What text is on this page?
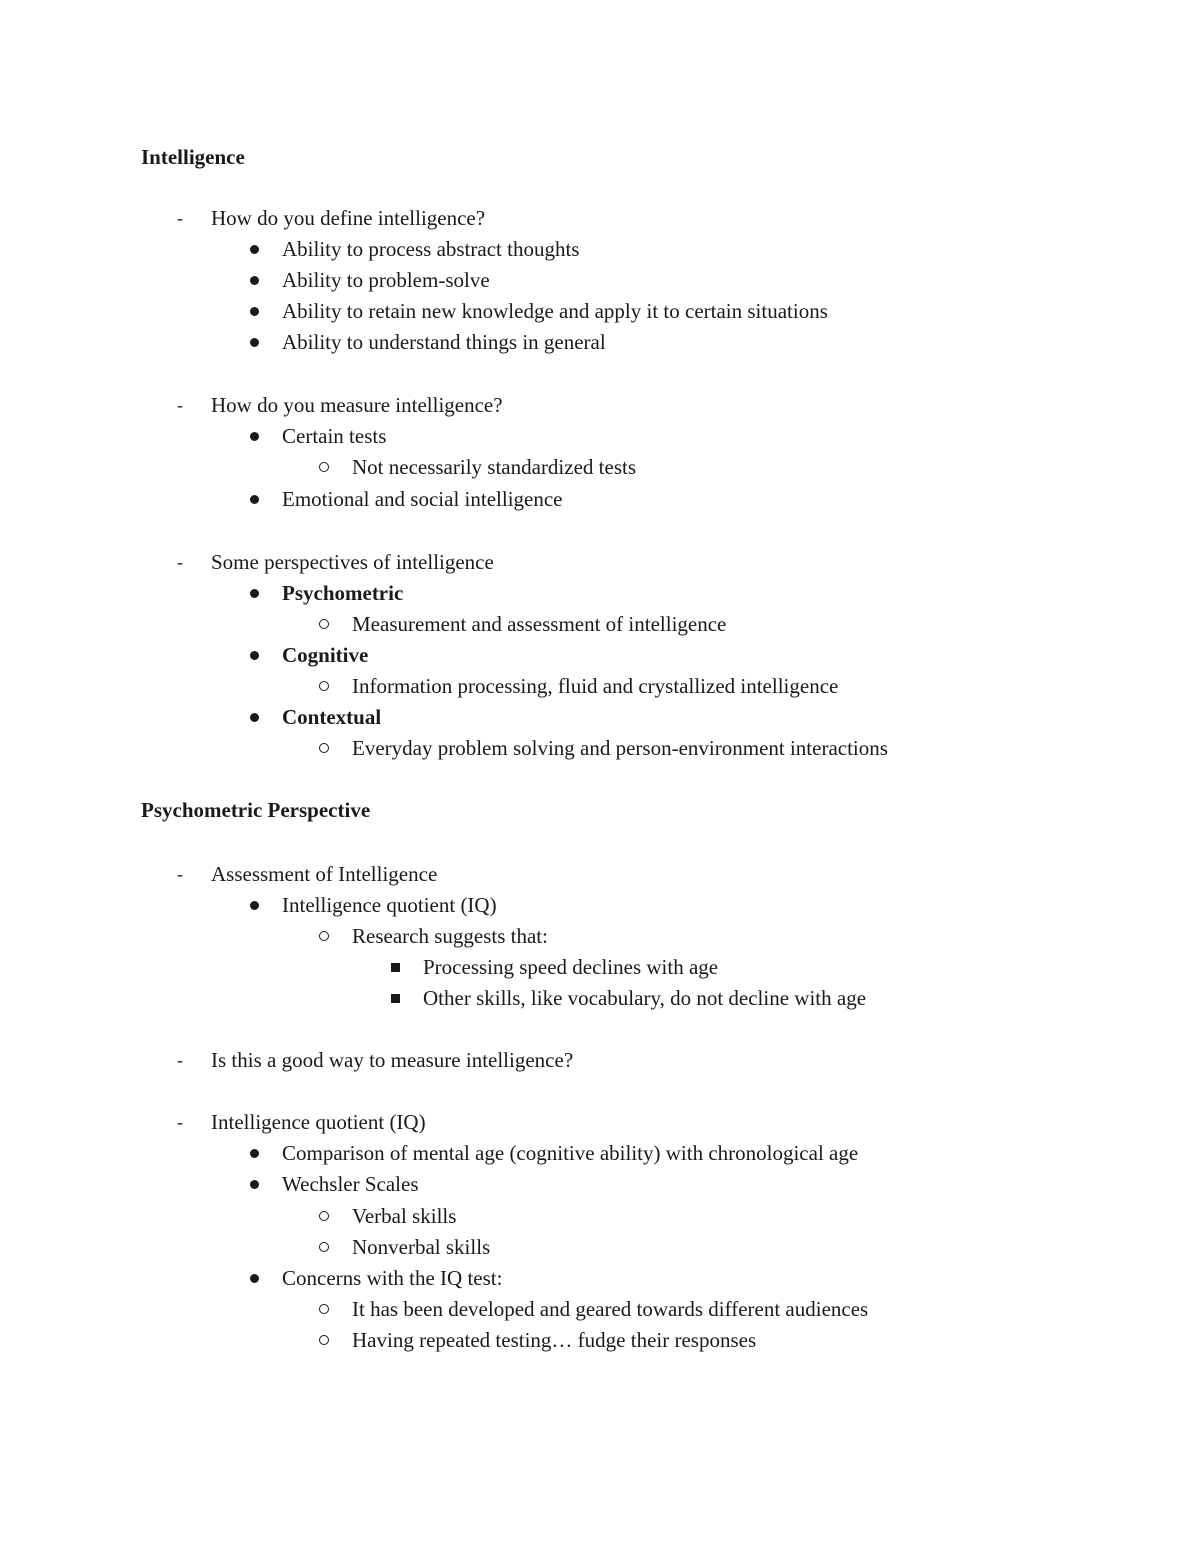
Intelligence
- How do you define intelligence?
Ability to process abstract thoughts
Ability to problem-solve
Ability to retain new knowledge and apply it to certain situations
Ability to understand things in general
- How do you measure intelligence?
Certain tests
Not necessarily standardized tests
Emotional and social intelligence
- Some perspectives of intelligence
Psychometric
Measurement and assessment of intelligence
Cognitive
Information processing, fluid and crystallized intelligence
Contextual
Everyday problem solving and person-environment interactions
Psychometric Perspective
- Assessment of Intelligence
Intelligence quotient (IQ)
Research suggests that:
Processing speed declines with age
Other skills, like vocabulary, do not decline with age
- Is this a good way to measure intelligence?
- Intelligence quotient (IQ)
Comparison of mental age (cognitive ability) with chronological age
Wechsler Scales
Verbal skills
Nonverbal skills
Concerns with the IQ test:
It has been developed and geared towards different audiences
Having repeated testing… fudge their responses
